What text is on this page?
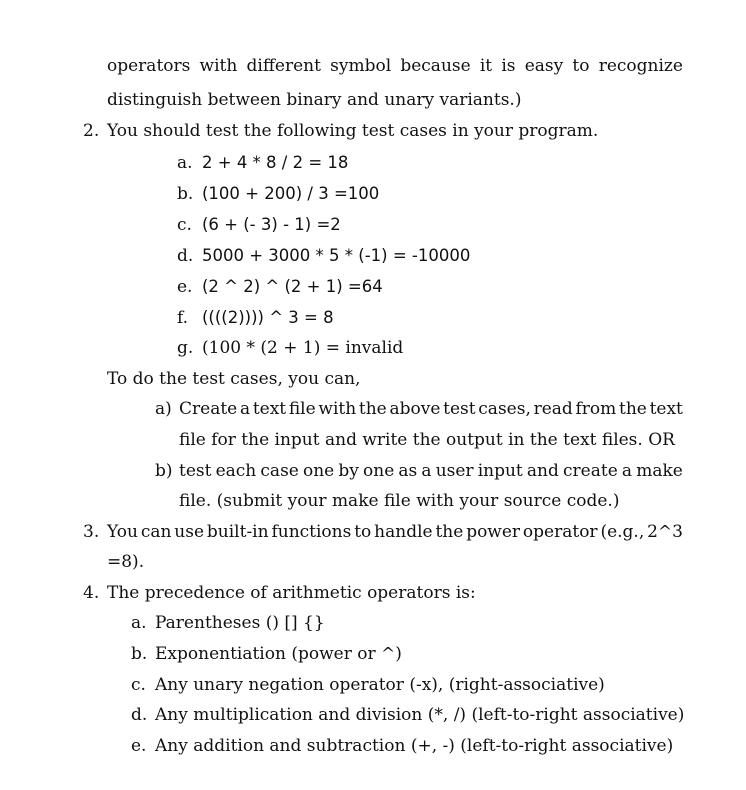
operators with different symbol because it is easy to recognize
distinguish between binary and unary variants.)
2. You should test the following test cases in your program.
a. 2 + 4 * 8 / 2 = 18
b. (100 + 200) / 3 =100
c. (6 + (- 3) - 1) =2
d. 5000 + 3000 * 5 * (-1) = -10000
e. (2 ^ 2) ^ (2 + 1) =64
f. ((((2)))) ^ 3 = 8
g. (100 * (2 + 1) = invalid
To do the test cases, you can,
a) Create a text file with the above test cases, read from the text
file for the input and write the output in the text files. OR
b) test each case one by one as a user input and create a make
file. (submit your make file with your source code.)
3. You can use built-in functions to handle the power operator (e.g., 2^3
=8).
4. The precedence of arithmetic operators is:
a. Parentheses () [] {}
b. Exponentiation (power or ^)
c. Any unary negation operator (-x), (right-associative)
d. Any multiplication and division (*, /) (left-to-right associative)
e. Any addition and subtraction (+, -) (left-to-right associative)
